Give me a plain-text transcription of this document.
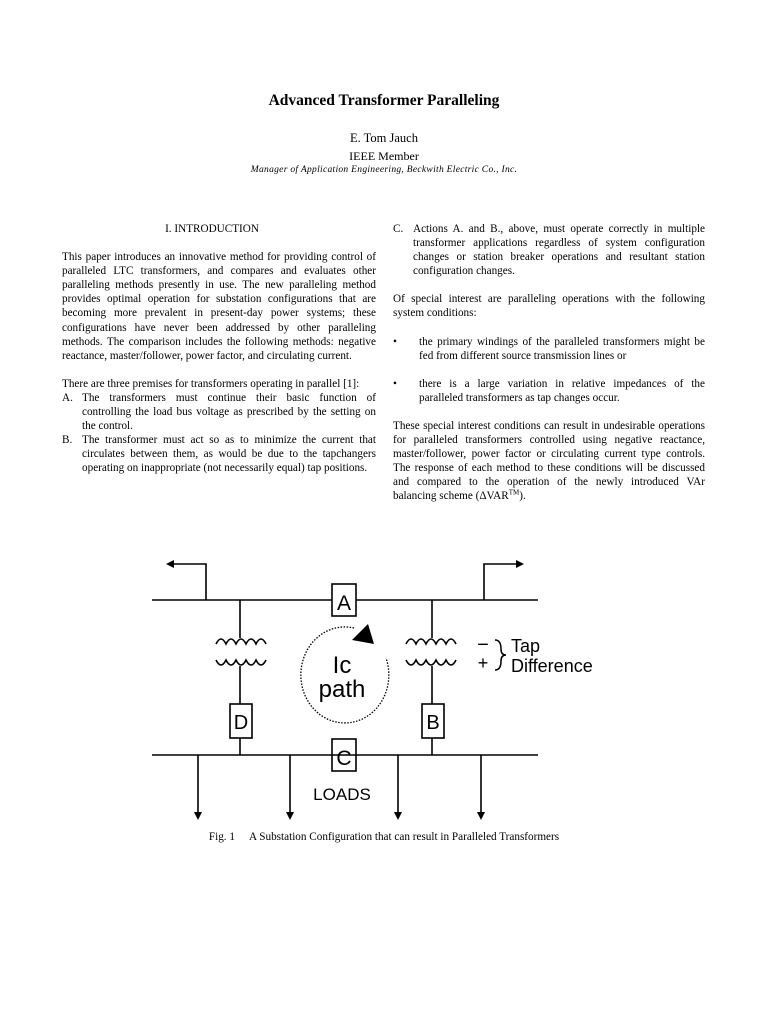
Advanced Transformer Paralleling
E. Tom Jauch
IEEE Member
Manager of Application Engineering, Beckwith Electric Co., Inc.
I. INTRODUCTION

This paper introduces an innovative method for providing control of paralleled LTC transformers, and compares and evaluates other paralleling methods presently in use. The new paralleling method provides optimal operation for substation configurations that are becoming more prevalent in present-day power systems; these configurations have never been addressed by other paralleling methods. The comparison includes the following methods: negative reactance, master/follower, power factor, and circulating current.

There are three premises for transformers operating in parallel [1]:

A. The transformers must continue their basic function of controlling the load bus voltage as prescribed by the setting on the control.
B. The transformer must act so as to minimize the current that circulates between them, as would be due to the tapchangers operating on inappropriate (not necessarily equal) tap positions.
C. Actions A. and B., above, must operate correctly in multiple transformer applications regardless of system configuration changes or station breaker operations and resultant station configuration changes.

Of special interest are paralleling operations with the following system conditions:

•	the primary windings of the paralleled transformers might be fed from different source transmission lines or
•	there is a large variation in relative impedances of the paralleled transformers as tap changes occur.

These special interest conditions can result in undesirable operations for paralleled transformers controlled using negative reactance, master/follower, power factor or circulating current type controls. The response of each method to these conditions will be discussed and compared to the operation of the newly introduced VAr balancing scheme (ΔVAR™).

A
C
D	B
Ic
path
−
+
Tap
Difference
LOADS
Fig. 1 A Substation Configuration that can result in Paralleled Transformers
